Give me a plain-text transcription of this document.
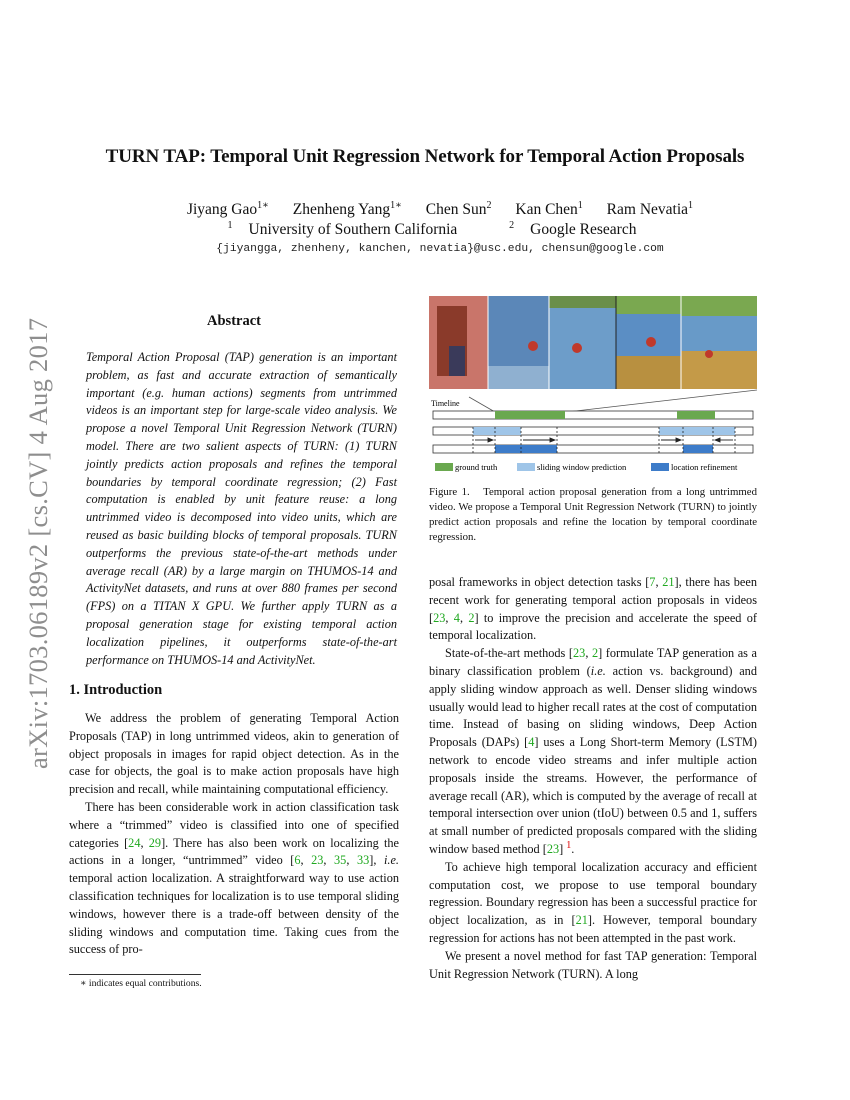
arXiv:1703.06189v2 [cs.CV] 4 Aug 2017
TURN TAP: Temporal Unit Regression Network for Temporal Action Proposals
Jiyang Gao$^{1∗}$ Zhenheng Yang$^{1∗}$ Chen Sun$^2$ Kan Chen$^1$ Ram Nevatia$^1$
$^1$ University of Southern California	$^2$ Google Research
{jiyangga, zhenheny, kanchen, nevatia}@usc.edu, chensun@google.com
Abstract

Temporal Action Proposal (TAP) generation is an important problem, as fast and accurate extraction of semantically important (e.g. human actions) segments from untrimmed videos is an important step for large-scale video analysis. We propose a novel Temporal Unit Regression Network (TURN) model. There are two salient aspects of TURN: (1) TURN jointly predicts action proposals and refines the temporal boundaries by temporal coordinate regression; (2) Fast computation is enabled by unit feature reuse: a long untrimmed video is decomposed into video units, which are reused as basic building blocks of temporal proposals. TURN outperforms the previous state-of-the-art methods under average recall (AR) by a large margin on THUMOS-14 and ActivityNet datasets, and runs at over 880 frames per second (FPS) on a TITAN X GPU. We further apply TURN as a proposal generation stage for existing temporal action localization pipelines, it outperforms state-of-the-art performance on THUMOS-14 and ActivityNet.

1. Introduction

We address the problem of generating Temporal Action Proposals (TAP) in long untrimmed videos, akin to generation of object proposals in images for rapid object detection. As in the case for objects, the goal is to make action proposals have high precision and recall, while maintaining computational efficiency.

There has been considerable work in action classification task where a “trimmed” video is classified into one of specified categories [24, 29]. There has also been work on localizing the actions in a longer, “untrimmed” video [6, 23, 35, 33], i.e. temporal action localization. A straightforward way to use action classification techniques for localization is to use temporal sliding windows, however there is a trade-off between density of the sliding windows and computation time. Taking cues from the success of pro-

∗ indicates equal contributions.
Timeline
ground truth	sliding window prediction	location refinement
Figure 1. Temporal action proposal generation from a long untrimmed video. We propose a Temporal Unit Regression Network (TURN) to jointly predict action proposals and refine the location by temporal coordinate regression.

posal frameworks in object detection tasks [7, 21], there has been recent work for generating temporal action proposals in videos [23, 4, 2] to improve the precision and accelerate the speed of temporal localization.

State-of-the-art methods [23, 2] formulate TAP generation as a binary classification problem (i.e. action vs. background) and apply sliding window approach as well. Denser sliding windows usually would lead to higher recall rates at the cost of computation time. Instead of basing on sliding windows, Deep Action Proposals (DAPs) [4] uses a Long Short-term Memory (LSTM) network to encode video streams and infer multiple action proposals inside the streams. However, the performance of average recall (AR), which is computed by the average of recall at temporal intersection over union (tIoU) between 0.5 and 1, suffers at small number of predicted proposals compared with the sliding window based method [23] $^1$.

To achieve high temporal localization accuracy and efficient computation cost, we propose to use temporal boundary regression. Boundary regression has been a successful practice for object localization, as in [21]. However, temporal boundary regression for actions has not been attempted in the past work.

We present a novel method for fast TAP generation: Temporal Unit Regression Network (TURN). A long
